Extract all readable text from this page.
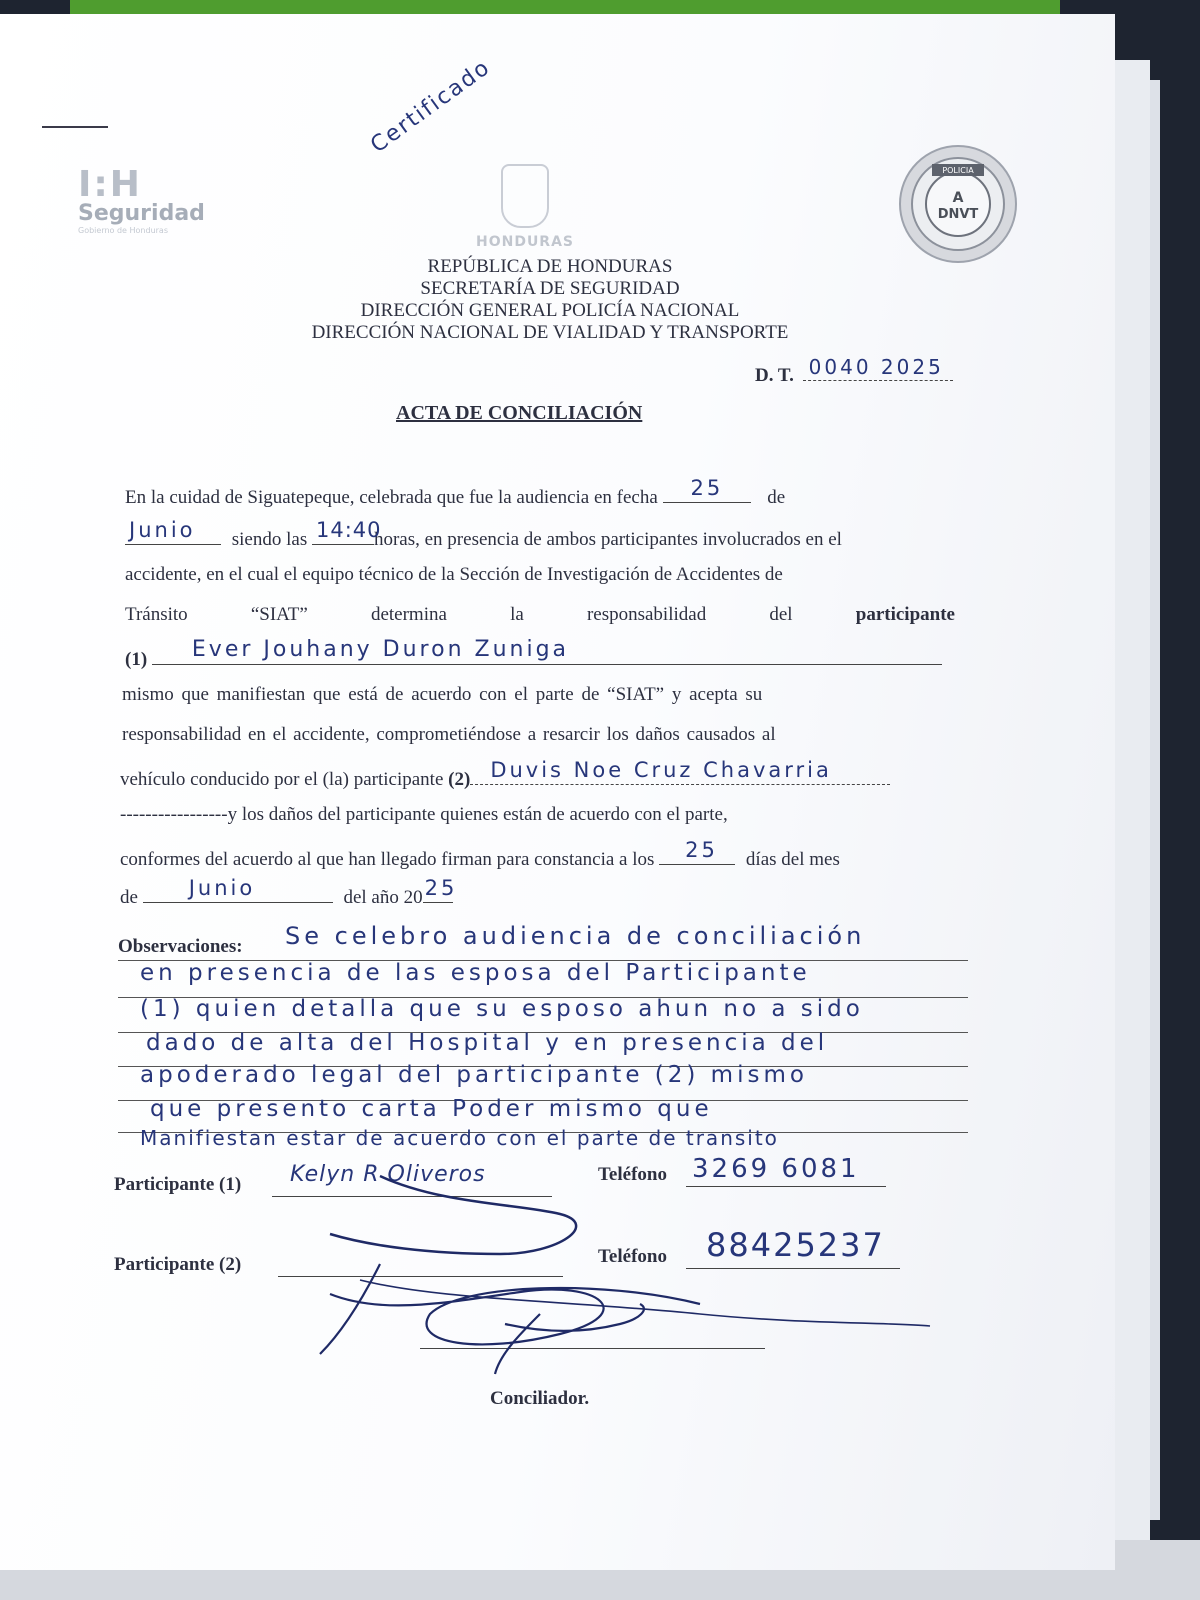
Certificado
I:H
Seguridad
Gobierno de Honduras
HONDURAS
POLICIA
A
DNVT
REPÚBLICA DE HONDURAS
SECRETARÍA DE SEGURIDAD
DIRECCIÓN GENERAL POLICÍA NACIONAL
DIRECCIÓN NACIONAL DE VIALIDAD Y TRANSPORTE
D. T. 0040 2025
ACTA DE CONCILIACIÓN
En la cuidad de Siguatepeque, celebrada que fue la audiencia en fecha 25 de
Junio siendo las 14:40
horas, en presencia de ambos participantes involucrados en el
accidente, en el cual el equipo técnico de la Sección de Investigación de Accidentes de
Tránsito	“SIAT”	determina	la	responsabilidad	del	participante
(1) Ever Jouhany Duron Zuniga
mismo que manifiestan que está de acuerdo con el parte de “SIAT” y acepta su
responsabilidad en el accidente, comprometiéndose a resarcir los daños causados al
vehículo conducido por el (la) participante (2) Duvis Noe Cruz Chavarria
-----------------y los daños del participante quienes están de acuerdo con el parte,
conformes del acuerdo al que han llegado firman para constancia a los 25 días del mes
de Junio	del año 20 25
Observaciones: Se celebro audiencia de conciliación
en presencia de las esposa del Participante
(1) quien detalla que su esposo ahun no a sido
dado de alta del Hospital y en presencia del
apoderado legal del participante (2) mismo
que presento carta Poder mismo que
Manifiestan estar de acuerdo con el parte de transito
Participante (1) Kelyn R Oliveros	Teléfono 3269 6081
Participante (2)	Teléfono 88425237
Conciliador.
